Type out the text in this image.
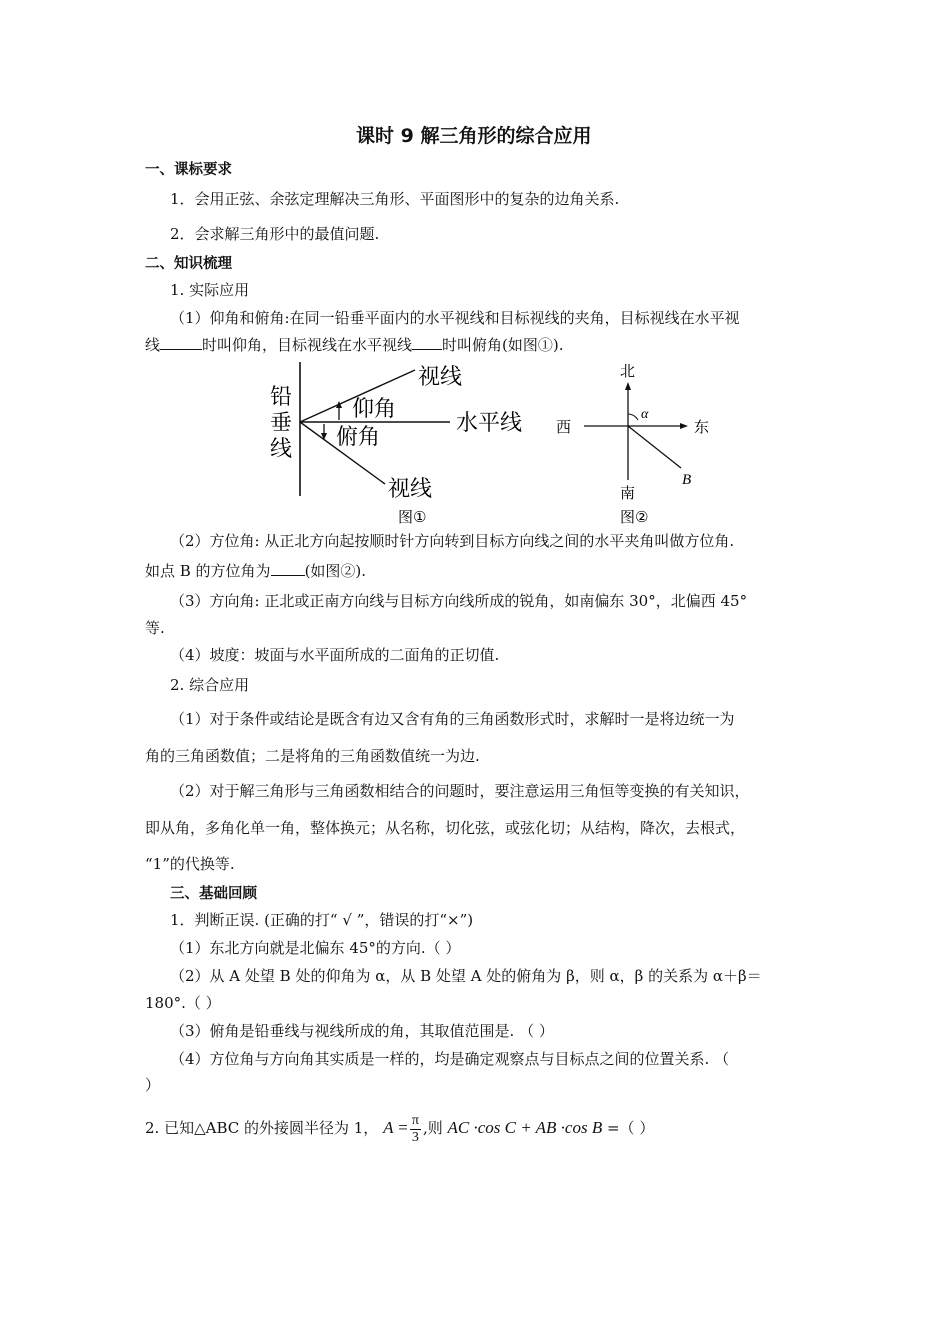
课时 9 解三角形的综合应用
一、课标要求
1．会用正弦、余弦定理解决三角形、平面图形中的复杂的边角关系.
2．会求解三角形中的最值问题.
二、知识梳理
1. 实际应用
（1）仰角和俯角:在同一铅垂平面内的水平视线和目标视线的夹角，目标视线在水平视
线	时叫仰角，目标视线在水平视线 时叫俯角(如图①).
铅
垂
线
视线
仰角
水平线
俯角
视线
图①
北
西	东
南
α
B
图②
（2）方位角: 从正北方向起按顺时针方向转到目标方向线之间的水平夹角叫做方位角.
如点 B 的方位角为 (如图②).
（3）方向角: 正北或正南方向线与目标方向线所成的锐角，如南偏东 30°，北偏西 45°
等.
（4）坡度：坡面与水平面所成的二面角的正切值.
2. 综合应用
（1）对于条件或结论是既含有边又含有角的三角函数形式时，求解时一是将边统一为
角的三角函数值；二是将角的三角函数值统一为边.
（2）对于解三角形与三角函数相结合的问题时，要注意运用三角恒等变换的有关知识，
即从角，多角化单一角，整体换元；从名称，切化弦，或弦化切；从结构，降次，去根式，
“1”的代换等.
三、基础回顾
1．判断正误. (正确的打“ √ ”，错误的打“×”)
（1）东北方向就是北偏东 45°的方向.（ ）
（2）从 A 处望 B 处的仰角为 α，从 B 处望 A 处的俯角为 β，则 α，β 的关系为 α＋β＝
180°.（ ）
（3）俯角是铅垂线与视线所成的角，其取值范围是. （ ）
（4）方位角与方向角其实质是一样的，均是确定观察点与目标点之间的位置关系. （
）
2. 已知△ABC 的外接圆半径为 1， $A = \frac{\pi}{3}$ ,则 AC ·cos C + AB ·cos B =（ ）
